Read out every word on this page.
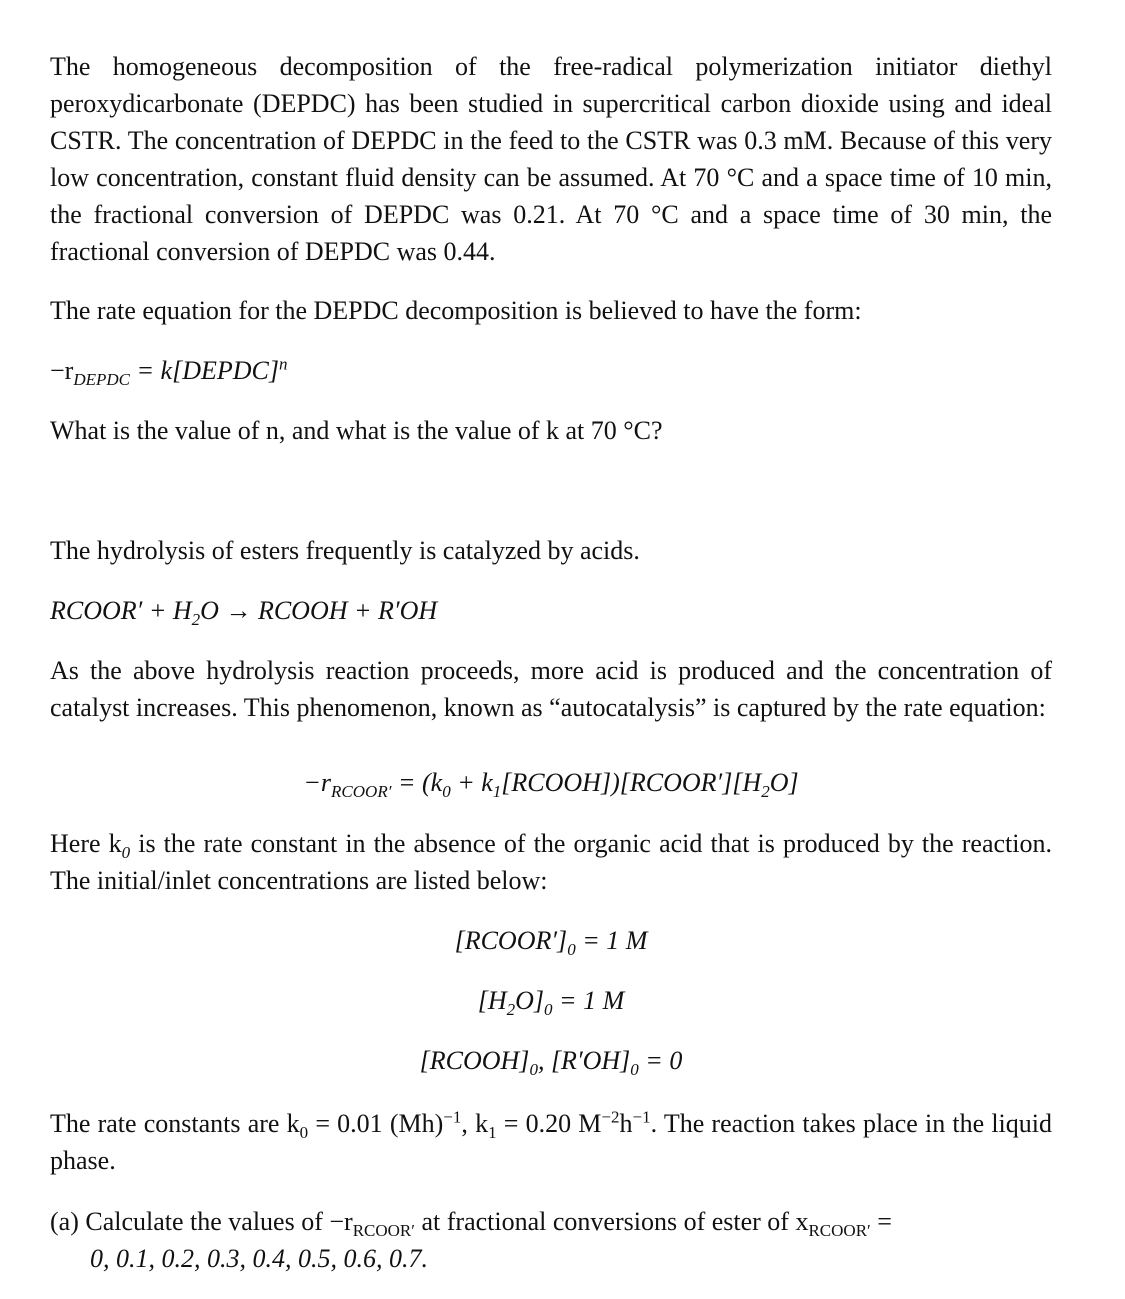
The homogeneous decomposition of the free-radical polymerization initiator diethyl peroxydicarbonate (DEPDC) has been studied in supercritical carbon dioxide using and ideal CSTR. The concentration of DEPDC in the feed to the CSTR was 0.3 mM. Because of this very low concentration, constant fluid density can be assumed. At 70 °C and a space time of 10 min, the fractional conversion of DEPDC was 0.21. At 70 °C and a space time of 30 min, the fractional conversion of DEPDC was 0.44.

The rate equation for the DEPDC decomposition is believed to have the form:

$-r_{DEPDC}$ = k[DEPDC]$^n$

What is the value of n, and what is the value of k at 70 °C?

The hydrolysis of esters frequently is catalyzed by acids.

RCOOR′ + $H_2O$ → RCOOH + R′OH

As the above hydrolysis reaction proceeds, more acid is produced and the concentration of catalyst increases. This phenomenon, known as “autocatalysis” is captured by the rate equation:

$-r_{RCOOR'} = (k_0$ + $k_1[RCOOH])[RCOOR'][H_2O]$

Here $k_0$ is the rate constant in the absence of the organic acid that is produced by the reaction. The initial/inlet concentrations are listed below:

$[RCOOR']_0 = 1$ M
$[H_2O]_0 = 1$ M
$[RCOOH]_0$, $[R'OH]_0 = 0$

The rate constants are $k_0 = 0.01$ $(Mh)^{-1}$, $k_1 = 0.20$ $M^{-2}h^{-1}$. The reaction takes place in the liquid phase.

(a) Calculate the values of $-r_{RCOOR'}$ at fractional conversions of ester of $x_{RCOOR'}$ =
0, 0.1, 0.2, 0.3, 0.4, 0.5, 0.6, 0.7.
